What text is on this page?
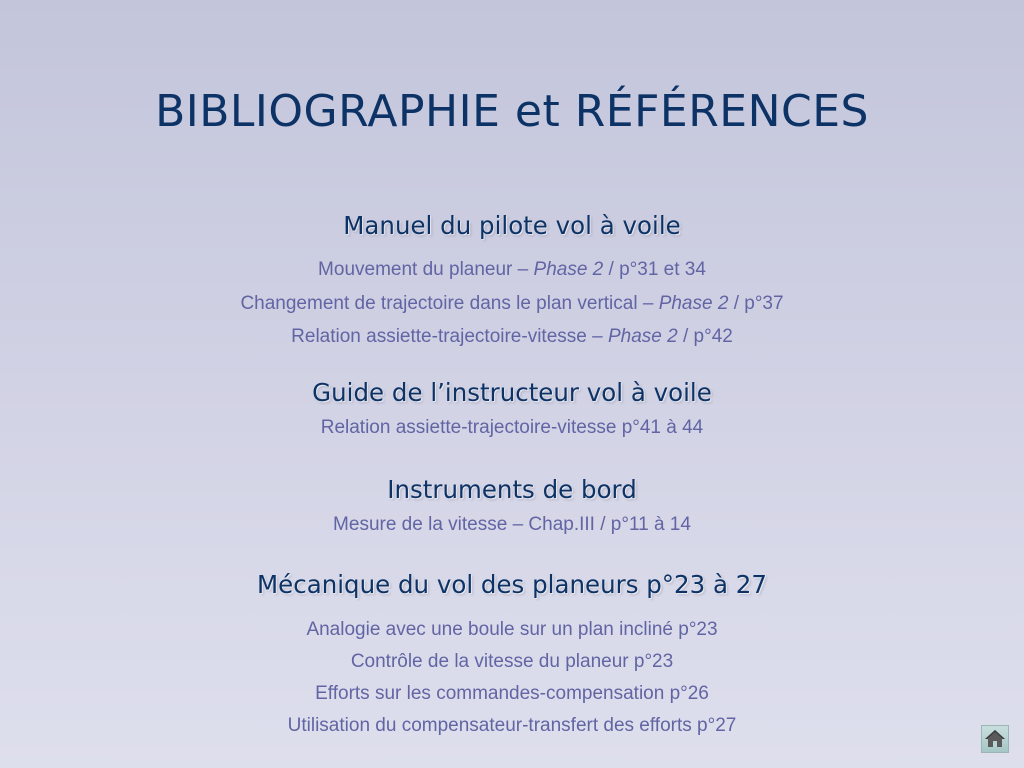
BIBLIOGRAPHIE et RÉFÉRENCES
Manuel du pilote vol à voile
Mouvement du planeur – Phase 2 / p°31 et 34
Changement de trajectoire dans le plan vertical – Phase 2 / p°37
Relation assiette-trajectoire-vitesse – Phase 2 / p°42
Guide de l’instructeur vol à voile
Relation assiette-trajectoire-vitesse p°41 à 44
Instruments de bord
Mesure de la vitesse – Chap.III / p°11 à 14
Mécanique du vol des planeurs p°23 à 27
Analogie avec une boule sur un plan incliné p°23
Contrôle de la vitesse du planeur p°23
Efforts sur les commandes-compensation p°26
Utilisation du compensateur-transfert des efforts p°27
